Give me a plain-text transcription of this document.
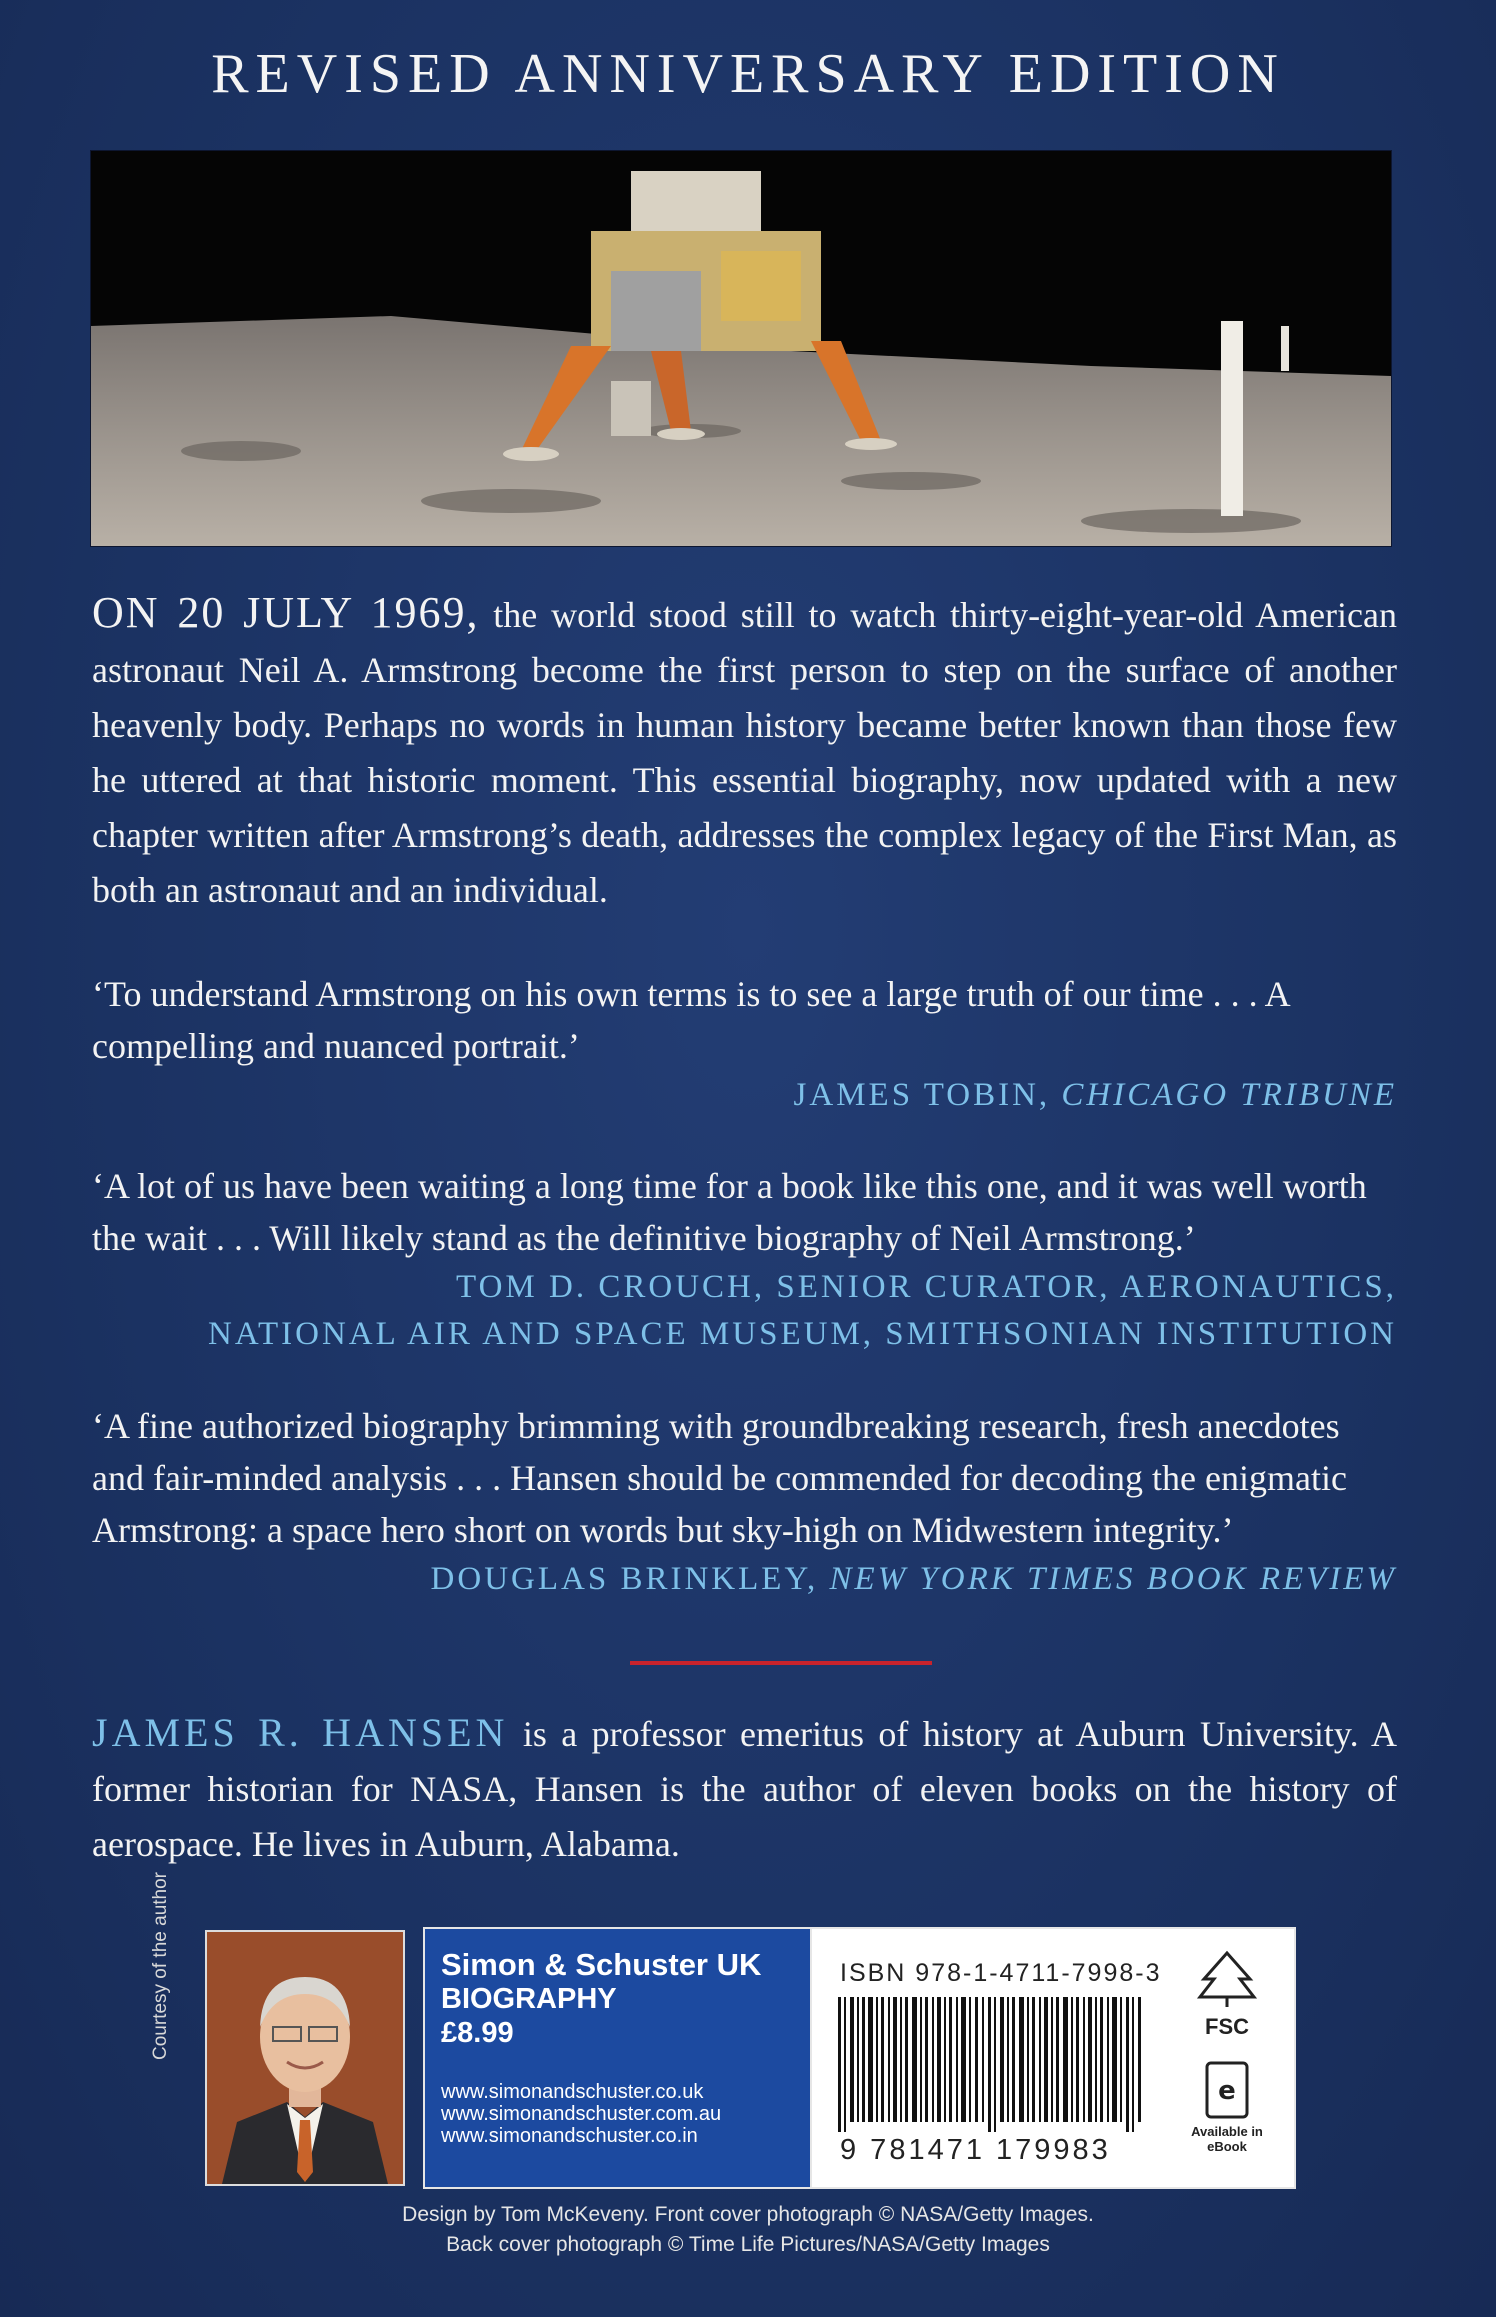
REVISED ANNIVERSARY EDITION
ON 20 JULY 1969, the world stood still to watch thirty-eight-year-old American astronaut Neil A. Armstrong become the first person to step on the surface of another heavenly body. Perhaps no words in human history became better known than those few he uttered at that historic moment. This essential biography, now updated with a new chapter written after Armstrong’s death, addresses the complex legacy of the First Man, as both an astronaut and an individual.
‘To understand Armstrong on his own terms is to see a large truth of our time . . . A compelling and nuanced portrait.’
JAMES TOBIN, CHICAGO TRIBUNE
‘A lot of us have been waiting a long time for a book like this one, and it was well worth the wait . . . Will likely stand as the definitive biography of Neil Armstrong.’
TOM D. CROUCH, SENIOR CURATOR, AERONAUTICS,
NATIONAL AIR AND SPACE MUSEUM, SMITHSONIAN INSTITUTION
‘A fine authorized biography brimming with groundbreaking research, fresh anecdotes and fair-minded analysis . . . Hansen should be commended for decoding the enigmatic Armstrong: a space hero short on words but sky-high on Midwestern integrity.’
DOUGLAS BRINKLEY, NEW YORK TIMES BOOK REVIEW
JAMES R. HANSEN is a professor emeritus of history at Auburn University. A former historian for NASA, Hansen is the author of eleven books on the history of aerospace. He lives in Auburn, Alabama.
Courtesy of the author	Simon & Schuster UK
BIOGRAPHY
£8.99
www.simonandschuster.co.uk
www.simonandschuster.com.au
www.simonandschuster.co.in
ISBN 978-1-4711-7998-3
9 781471 179983
FSC
e
Available in
eBook
Design by Tom McKeveny. Front cover photograph © NASA/Getty Images.
Back cover photograph © Time Life Pictures/NASA/Getty Images
